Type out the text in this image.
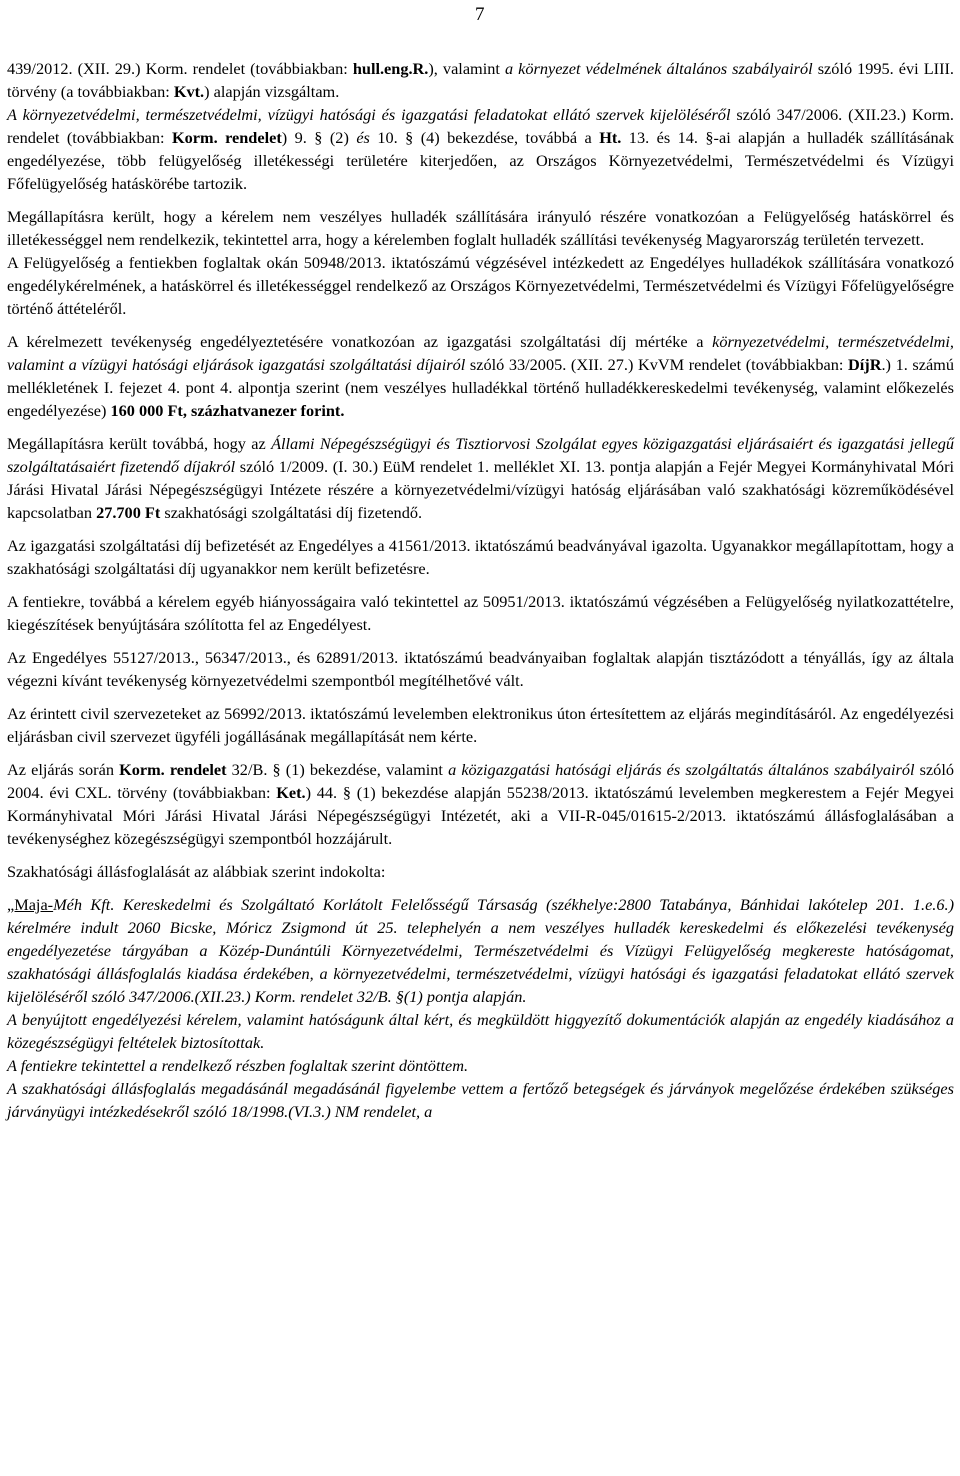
7

439/2012. (XII. 29.) Korm. rendelet (továbbiakban: hull.eng.R.), valamint a környezet védelmének általános szabályairól szóló 1995. évi LIII. törvény (a továbbiakban: Kvt.) alapján vizsgáltam.

A környezetvédelmi, természetvédelmi, vízügyi hatósági és igazgatási feladatokat ellátó szervek kijelöléséről szóló 347/2006. (XII.23.) Korm. rendelet (továbbiakban: Korm. rendelet) 9. § (2) és 10. § (4) bekezdése, továbbá a Ht. 13. és 14. §-ai alapján a hulladék szállításának engedélyezése, több felügyelőség illetékességi területére kiterjedően, az Országos Környezetvédelmi, Természetvédelmi és Vízügyi Főfelügyelőség hatáskörébe tartozik.

Megállapításra került, hogy a kérelem nem veszélyes hulladék szállítására irányuló részére vonatkozóan a Felügyelőség hatáskörrel és illetékességgel nem rendelkezik, tekintettel arra, hogy a kérelemben foglalt hulladék szállítási tevékenység Magyarország területén tervezett.

A Felügyelőség a fentiekben foglaltak okán 50948/2013. iktatószámú végzésével intézkedett az Engedélyes hulladékok szállítására vonatkozó engedélykérelmének, a hatáskörrel és illetékességgel rendelkező az Országos Környezetvédelmi, Természetvédelmi és Vízügyi Főfelügyelőségre történő áttételéről.

A kérelmezett tevékenység engedélyeztetésére vonatkozóan az igazgatási szolgáltatási díj mértéke a környezetvédelmi, természetvédelmi, valamint a vízügyi hatósági eljárások igazgatási szolgáltatási díjairól szóló 33/2005. (XII. 27.) KvVM rendelet (továbbiakban: DíjR.) 1. számú mellékletének I. fejezet 4. pont 4. alpontja szerint (nem veszélyes hulladékkal történő hulladékkereskedelmi tevékenység, valamint előkezelés engedélyezése) 160 000 Ft, százhatvanezer forint.

Megállapításra került továbbá, hogy az Állami Népegészségügyi és Tisztiorvosi Szolgálat egyes közigazgatási eljárásaiért és igazgatási jellegű szolgáltatásaiért fizetendő díjakról szóló 1/2009. (I. 30.) EüM rendelet 1. melléklet XI. 13. pontja alapján a Fejér Megyei Kormányhivatal Móri Járási Hivatal Járási Népegészségügyi Intézete részére a környezetvédelmi/vízügyi hatóság eljárásában való szakhatósági közreműködésével kapcsolatban 27.700 Ft szakhatósági szolgáltatási díj fizetendő.

Az igazgatási szolgáltatási díj befizetését az Engedélyes a 41561/2013. iktatószámú beadványával igazolta. Ugyanakkor megállapítottam, hogy a szakhatósági szolgáltatási díj ugyanakkor nem került befizetésre.

A fentiekre, továbbá a kérelem egyéb hiányosságaira való tekintettel az 50951/2013. iktatószámú végzésében a Felügyelőség nyilatkozattételre, kiegészítések benyújtására szólította fel az Engedélyest.

Az Engedélyes 55127/2013., 56347/2013., és 62891/2013. iktatószámú beadványaiban foglaltak alapján tisztázódott a tényállás, így az általa végezni kívánt tevékenység környezetvédelmi szempontból megítélhetővé vált.

Az érintett civil szervezeteket az 56992/2013. iktatószámú levelemben elektronikus úton értesítettem az eljárás megindításáról. Az engedélyezési eljárásban civil szervezet ügyféli jogállásának megállapítását nem kérte.

Az eljárás során Korm. rendelet 32/B. § (1) bekezdése, valamint a közigazgatási hatósági eljárás és szolgáltatás általános szabályairól szóló 2004. évi CXL. törvény (továbbiakban: Ket.) 44. § (1) bekezdése alapján 55238/2013. iktatószámú levelemben megkerestem a Fejér Megyei Kormányhivatal Móri Járási Hivatal Járási Népegészségügyi Intézetét, aki a VII-R-045/01615-2/2013. iktatószámú állásfoglalásában a tevékenységhez közegészségügyi szempontból hozzájárult.

Szakhatósági állásfoglalását az alábbiak szerint indokolta:

„Maja-Méh Kft. Kereskedelmi és Szolgáltató Korlátolt Felelősségű Társaság (székhelye:2800 Tatabánya, Bánhidai lakótelep 201. 1.e.6.) kérelmére indult 2060 Bicske, Móricz Zsigmond út 25. telephelyén a nem veszélyes hulladék kereskedelmi és előkezelési tevékenység engedélyezetése tárgyában a Közép-Dunántúli Környezetvédelmi, Természetvédelmi és Vízügyi Felügyelőség megkereste hatóságomat, szakhatósági állásfoglalás kiadása érdekében, a környezetvédelmi, természetvédelmi, vízügyi hatósági és igazgatási feladatokat ellátó szervek kijelöléséről szóló 347/2006.(XII.23.) Korm. rendelet 32/B. §(1) pontja alapján.

A benyújtott engedélyezési kérelem, valamint hatóságunk által kért, és megküldött higgyezítő dokumentációk alapján az engedély kiadásához a közegészségügyi feltételek biztosítottak.

A fentiekre tekintettel a rendelkező részben foglaltak szerint döntöttem.

A szakhatósági állásfoglalás megadásánál megadásánál figyelembe vettem a fertőző betegségek és járványok megelőzése érdekében szükséges járványügyi intézkedésekről szóló 18/1998.(VI.3.) NM rendelet, a
